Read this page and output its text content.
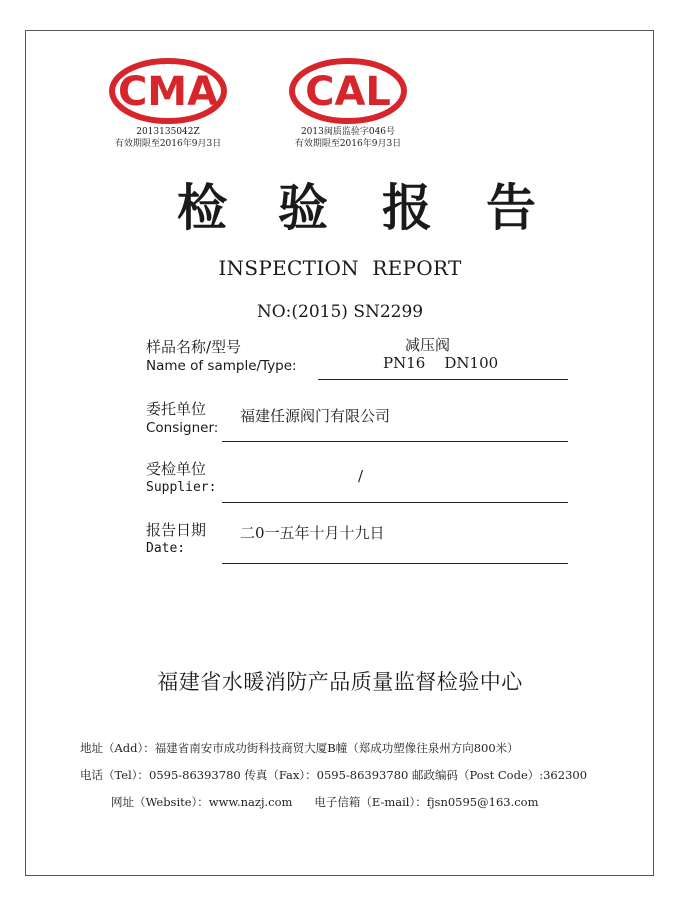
CMA
2013135042Z
有效期限至2016年9月3日
CAL
2013闽质监验字046号
有效期限至2016年9月3日
检 验 报 告
INSPECTION  REPORT
NO:(2015) SN2299
样品名称/型号
Name of sample/Type:
减压阀
PN16    DN100
委托单位
Consigner:
福建任源阀门有限公司
受检单位
Supplier:
/
报告日期
Date:
二0一五年十月十九日
福建省水暖消防产品质量监督检验中心
地址（Add）：福建省南安市成功街科技商贸大厦B幢（郑成功塑像往泉州方向800米）
电话（Tel）：0595-86393780 传真（Fax）：0595-86393780 邮政编码（Post Code）:362300
网址（Website）：www.nazj.com      电子信箱（E-mail）：fjsn0595@163.com
